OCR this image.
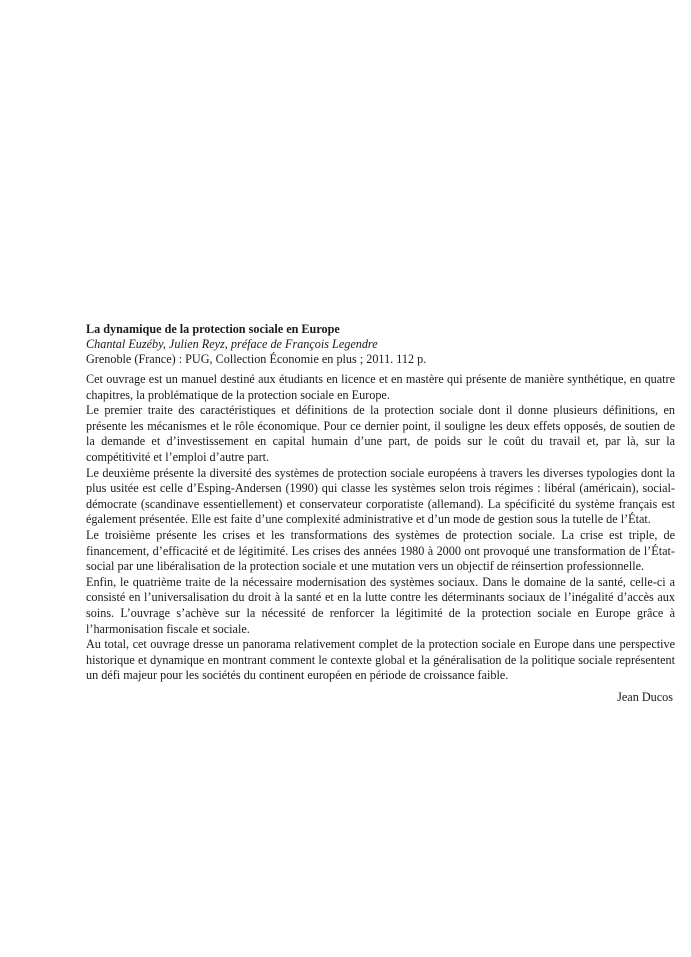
La dynamique de la protection sociale en Europe

Chantal Euzéby, Julien Reyz, préface de François Legendre

Grenoble (France) : PUG, Collection Économie en plus ; 2011. 112 p.

Cet ouvrage est un manuel destiné aux étudiants en licence et en mastère qui présente de manière synthétique, en quatre chapitres, la problématique de la protection sociale en Europe.

Le premier traite des caractéristiques et définitions de la protection sociale dont il donne plusieurs définitions, en présente les mécanismes et le rôle économique. Pour ce dernier point, il souligne les deux effets opposés, de soutien de la demande et d’investissement en capital humain d’une part, de poids sur le coût du travail et, par là, sur la compétitivité et l’emploi d’autre part.

Le deuxième présente la diversité des systèmes de protection sociale européens à travers les diverses typologies dont la plus usitée est celle d’Esping-Andersen (1990) qui classe les systèmes selon trois régimes : libéral (américain), social-démocrate (scandinave essentiellement) et conservateur corporatiste (allemand). La spécificité du système français est également présentée. Elle est faite d’une complexité administrative et d’un mode de gestion sous la tutelle de l’État.

Le troisième présente les crises et les transformations des systèmes de protection sociale. La crise est triple, de financement, d’efficacité et de légitimité. Les crises des années 1980 à 2000 ont provoqué une transformation de l’État-social par une libéralisation de la protection sociale et une mutation vers un objectif de réinsertion professionnelle.

Enfin, le quatrième traite de la nécessaire modernisation des systèmes sociaux. Dans le domaine de la santé, celle-ci a consisté en l’universalisation du droit à la santé et en la lutte contre les déterminants sociaux de l’inégalité d’accès aux soins. L’ouvrage s’achève sur la nécessité de renforcer la légitimité de la protection sociale en Europe grâce à l’harmonisation fiscale et sociale.

Au total, cet ouvrage dresse un panorama relativement complet de la protection sociale en Europe dans une perspective historique et dynamique en montrant comment le contexte global et la généralisation de la politique sociale représentent un défi majeur pour les sociétés du continent européen en période de croissance faible.

Jean Ducos
